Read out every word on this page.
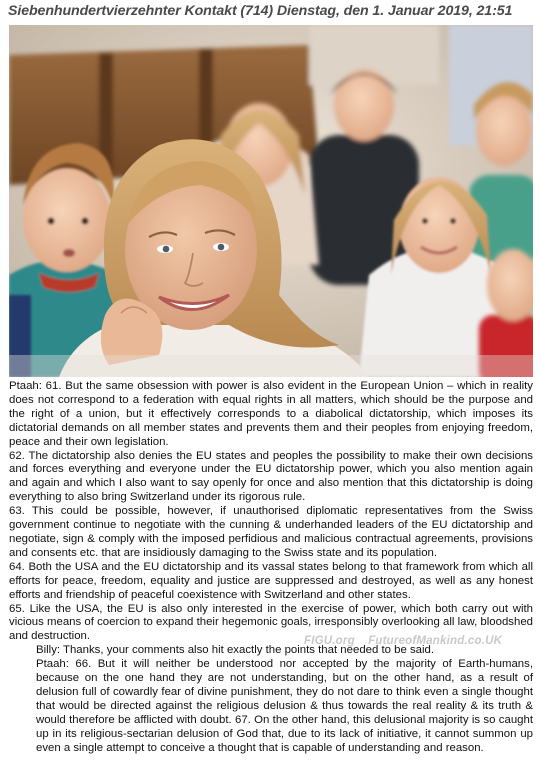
Siebenhundertvierzehnter Kontakt (714) Dienstag, den 1. Januar 2019, 21:51

Ptaah: 61. But the same obsession with power is also evident in the European Union – which in reality does not correspond to a federation with equal rights in all matters, which should be the purpose and the right of a union, but it effectively corresponds to a diabolical dictatorship, which imposes its dictatorial demands on all member states and prevents them and their peoples from enjoying freedom, peace and their own legislation.

62. The dictatorship also denies the EU states and peoples the possibility to make their own decisions and forces everything and everyone under the EU dictatorship power, which you also mention again and again and which I also want to say openly for once and also mention that this dictatorship is doing everything to also bring Switzerland under its rigorous rule.

63. This could be possible, however, if unauthorised diplomatic representatives from the Swiss government continue to negotiate with the cunning & underhanded leaders of the EU dictatorship and negotiate, sign & comply with the imposed perfidious and malicious contractual agreements, provisions and consents etc. that are insidiously damaging to the Swiss state and its population.

64. Both the USA and the EU dictatorship and its vassal states belong to that framework from which all efforts for peace, freedom, equality and justice are suppressed and destroyed, as well as any honest efforts and friendship of peaceful coexistence with Switzerland and other states.

65. Like the USA, the EU is also only interested in the exercise of power, which both carry out with vicious means of coercion to expand their hegemonic goals, irresponsibly overlooking all law, bloodshed and destruction.

Billy: Thanks, your comments also hit exactly the points that needed to be said.

Ptaah: 66. But it will neither be understood nor accepted by the majority of Earth-humans, because on the one hand they are not understanding, but on the other hand, as a result of delusion full of cowardly fear of divine punishment, they do not dare to think even a single thought that would be directed against the religious delusion & thus towards the real reality & its truth & would therefore be afflicted with doubt. 67. On the other hand, this delusional majority is so caught up in its religious-sectarian delusion of God that, due to its lack of initiative, it cannot summon up even a single attempt to conceive a thought that is capable of understanding and reason.

FIGU.org FutureofMankind.co.UK
